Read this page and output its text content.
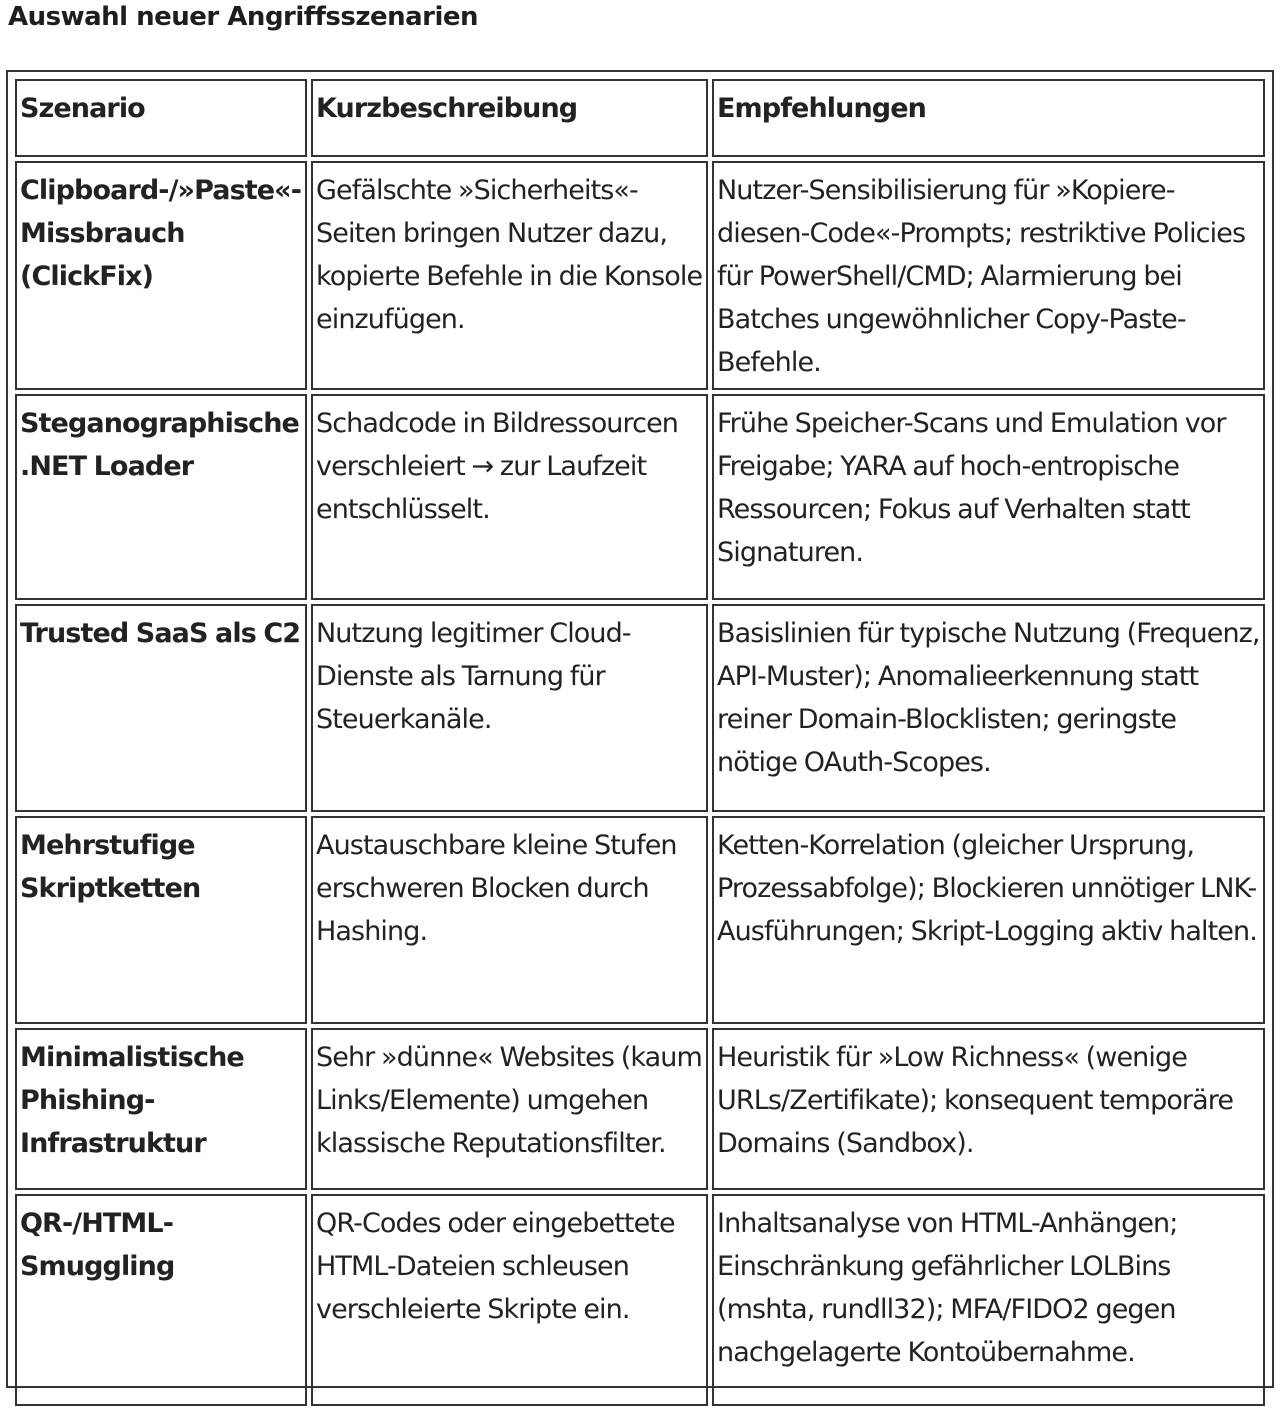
Auswahl neuer Angriffsszenarien
Szenario	Kurzbeschreibung	Empfehlungen
Clipboard-/»Paste«-Missbrauch (ClickFix)	Gefälschte »Sicherheits«-Seiten bringen Nutzer dazu, kopierte Befehle in die Konsole einzufügen.	Nutzer-Sensibilisierung für »Kopiere-diesen-Code«-Prompts; restriktive Policies für PowerShell/CMD; Alarmierung bei Batches ungewöhnlicher Copy-Paste-Befehle.
Steganographische .NET Loader	Schadcode in Bildressourcen verschleiert → zur Laufzeit entschlüsselt.	Frühe Speicher-Scans und Emulation vor Freigabe; YARA auf hoch-entropische Ressourcen; Fokus auf Verhalten statt Signaturen.
Trusted SaaS als C2	Nutzung legitimer Cloud-Dienste als Tarnung für Steuerkanäle.	Basislinien für typische Nutzung (Frequenz, API-Muster); Anomalieerkennung statt reiner Domain-Blocklisten; geringste nötige OAuth-Scopes.
Mehrstufige Skriptketten	Austauschbare kleine Stufen erschweren Blocken durch Hashing.	Ketten-Korrelation (gleicher Ursprung, Prozessabfolge); Blockieren unnötiger LNK-Ausführungen; Skript-Logging aktiv halten.
Minimalistische Phishing-Infrastruktur	Sehr »dünne« Websites (kaum Links/Elemente) umgehen klassische Reputationsfilter.	Heuristik für »Low Richness« (wenige URLs/Zertifikate); konsequent temporäre Domains (Sandbox).
QR-/HTML-Smuggling	QR-Codes oder eingebettete HTML-Dateien schleusen verschleierte Skripte ein.	Inhaltsanalyse von HTML-Anhängen; Einschränkung gefährlicher LOLBins (mshta, rundll32); MFA/FIDO2 gegen nachgelagerte Kontoübernahme.
